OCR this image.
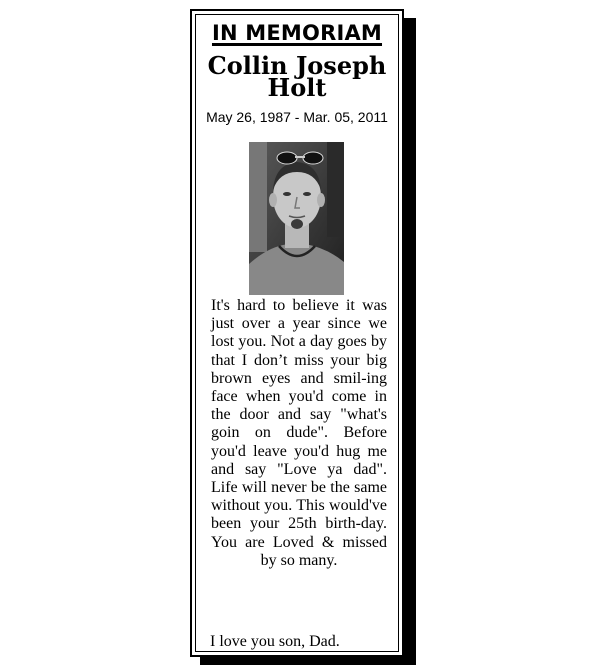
IN MEMORIAM
Collin Joseph
Holt
May 26, 1987 - Mar. 05, 2011
It's hard to believe it was just over a year since we lost you. Not a day goes by that I don’t miss your big brown eyes and smil-ing face when you'd come in the door and say "what's goin on dude". Before you'd leave you'd hug me and say "Love ya dad". Life will never be the same without you. This would've been your 25th birth-day. You are Loved & missed by so many.
I love you son, Dad.
